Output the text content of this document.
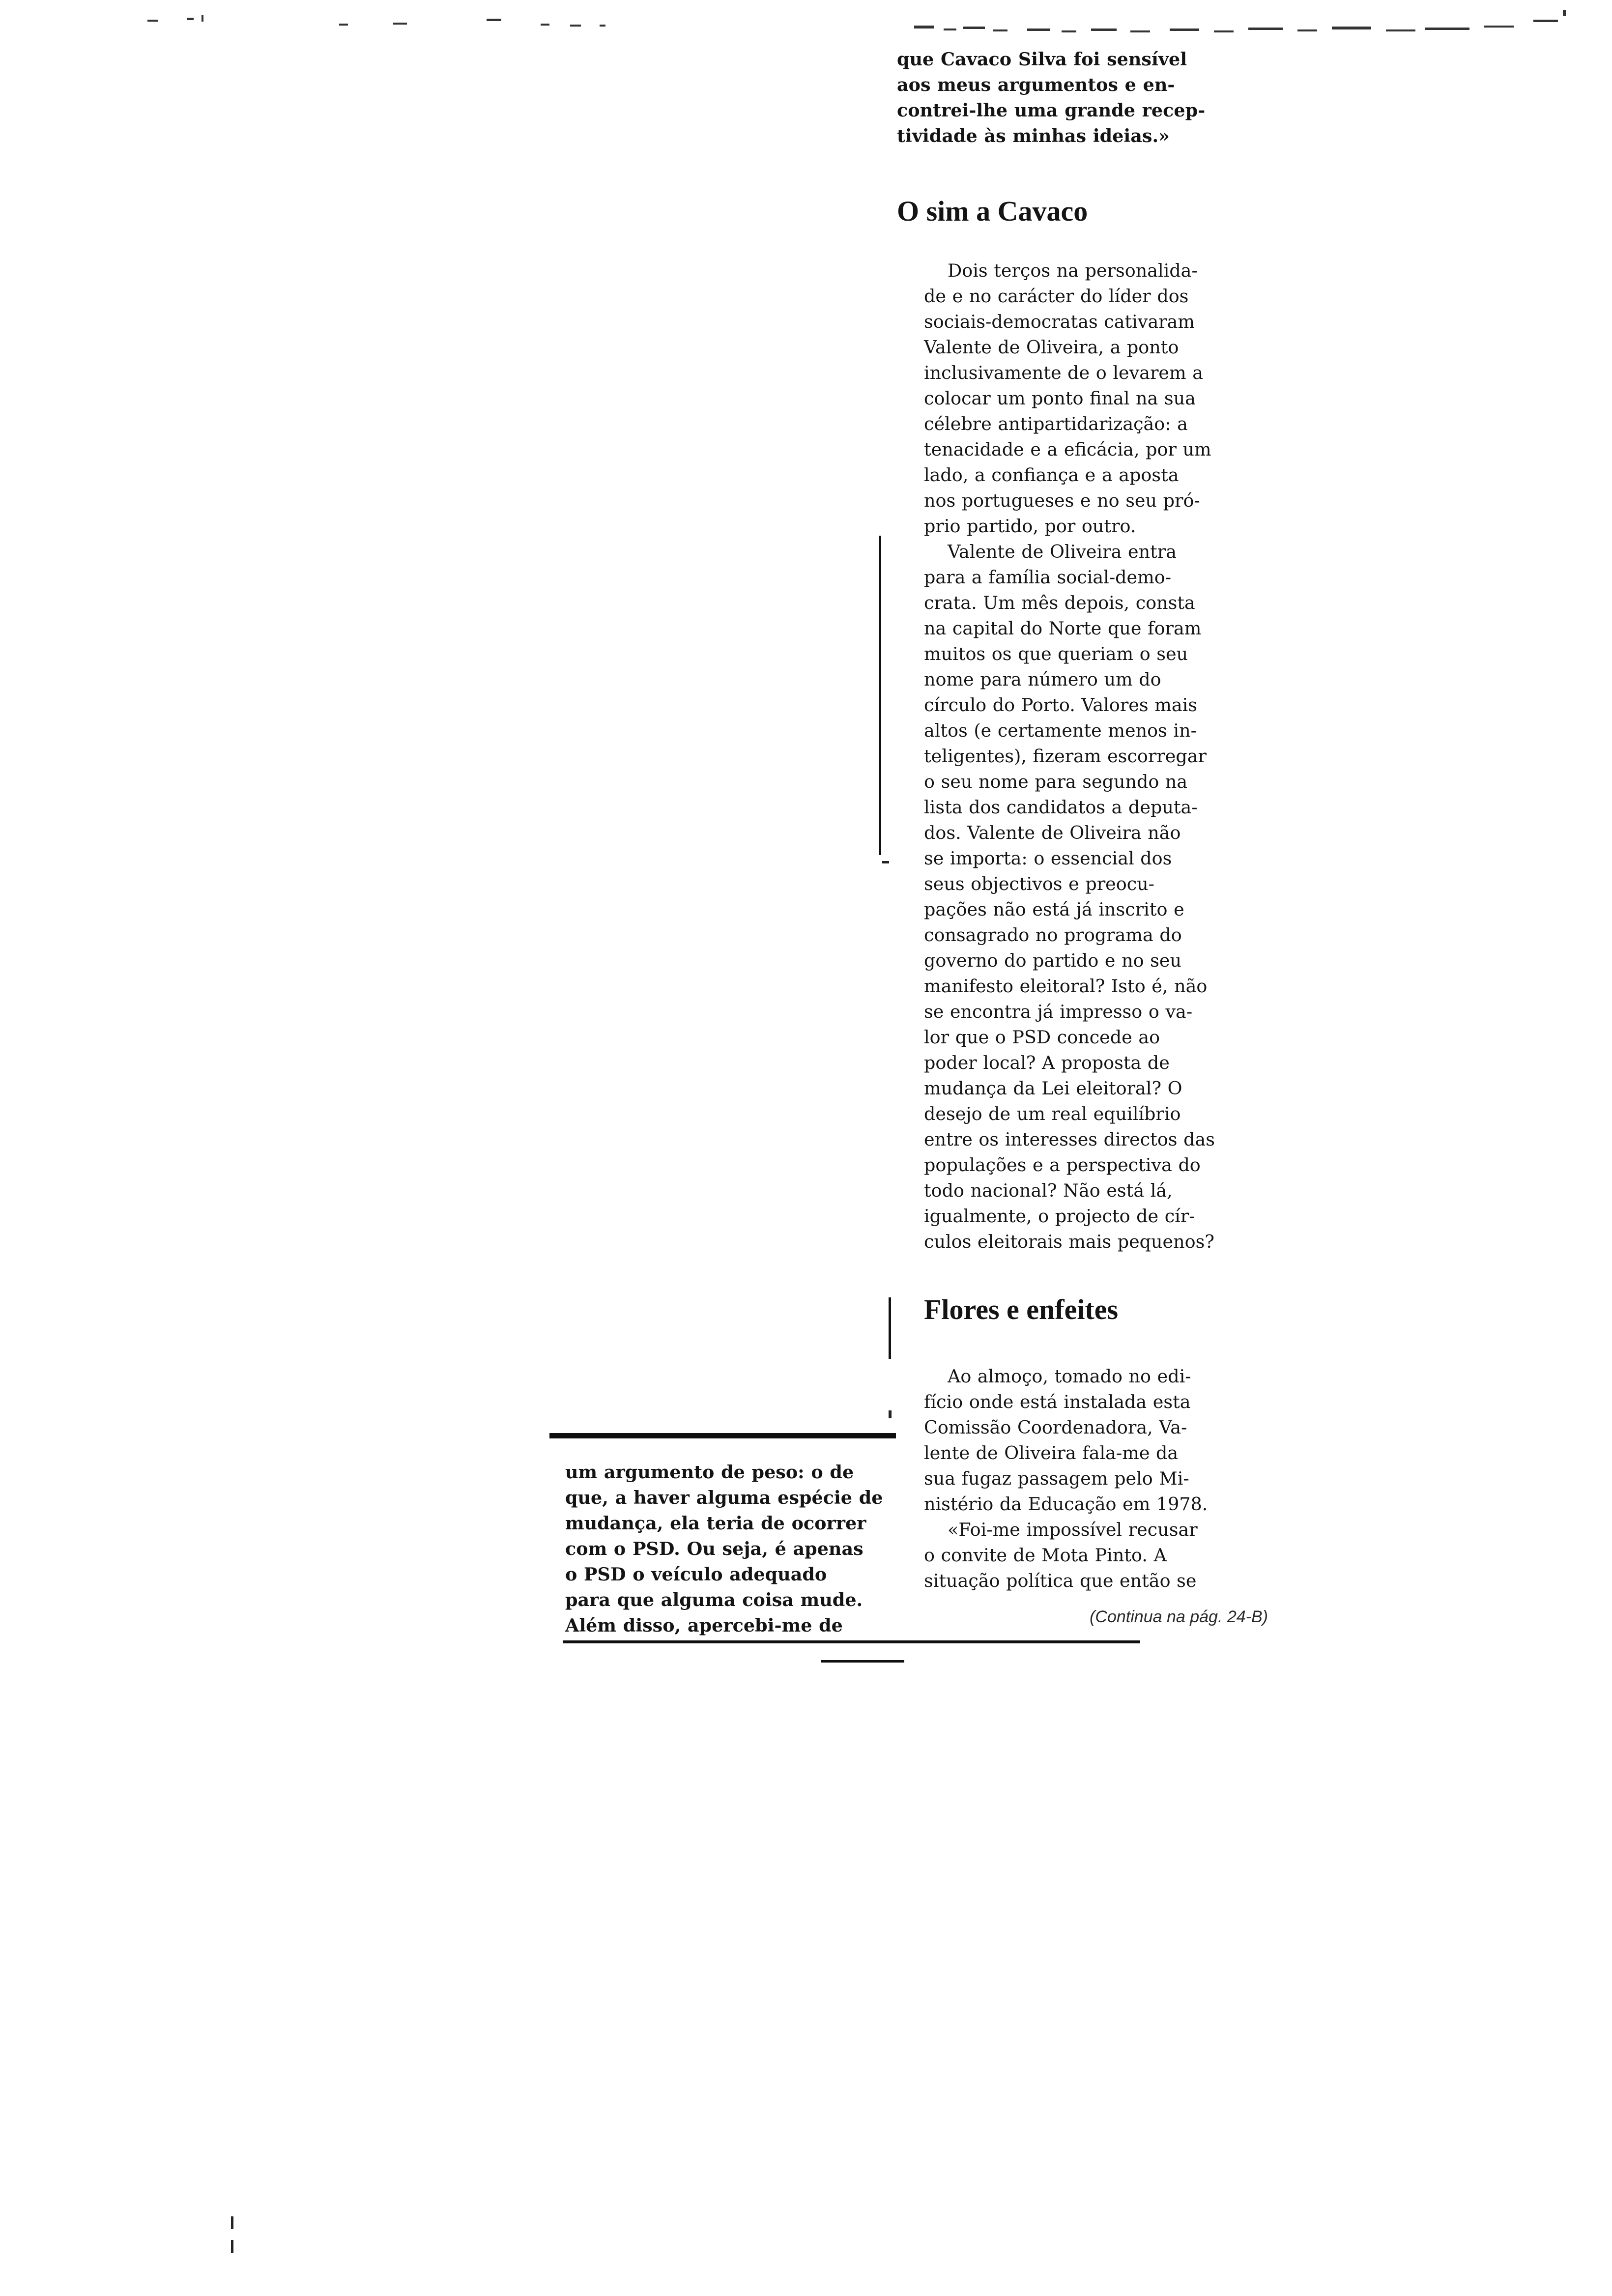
que Cavaco Silva foi sensível
aos meus argumentos e en-
contrei-lhe uma grande recep-
tividade às minhas ideias.»

O sim a Cavaco

Dois terços na personalida-
de e no carácter do líder dos
sociais-democratas cativaram
Valente de Oliveira, a ponto
inclusivamente de o levarem a
colocar um ponto final na sua
célebre antipartidarização: a
tenacidade e a eficácia, por um
lado, a confiança e a aposta
nos portugueses e no seu pró-
prio partido, por outro.

Valente de Oliveira entra
para a família social-demo-
crata. Um mês depois, consta
na capital do Norte que foram
muitos os que queriam o seu
nome para número um do
círculo do Porto. Valores mais
altos (e certamente menos in-
teligentes), fizeram escorregar
o seu nome para segundo na
lista dos candidatos a deputa-
dos. Valente de Oliveira não
se importa: o essencial dos
seus objectivos e preocu-
pações não está já inscrito e
consagrado no programa do
governo do partido e no seu
manifesto eleitoral? Isto é, não
se encontra já impresso o va-
lor que o PSD concede ao
poder local? A proposta de
mudança da Lei eleitoral? O
desejo de um real equilíbrio
entre os interesses directos das
populações e a perspectiva do
todo nacional? Não está lá,
igualmente, o projecto de cír-
culos eleitorais mais pequenos?

Flores e enfeites

Ao almoço, tomado no edi-
fício onde está instalada esta
Comissão Coordenadora, Va-
lente de Oliveira fala-me da
sua fugaz passagem pelo Mi-
nistério da Educação em 1978.

«Foi-me impossível recusar
o convite de Mota Pinto. A
situação política que então se

(Continua na pág. 24-B)

um argumento de peso: o de
que, a haver alguma espécie de
mudança, ela teria de ocorrer
com o PSD. Ou seja, é apenas
o PSD o veículo adequado
para que alguma coisa mude.
Além disso, apercebi-me de
